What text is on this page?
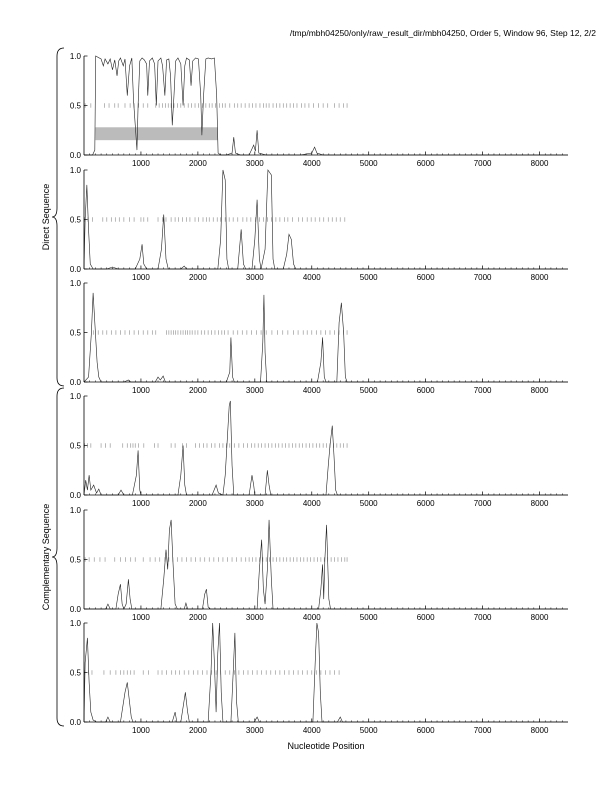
/tmp/mbh04250/only/raw_result_dir/mbh04250, Order 5, Window 96, Step 12, 2/2
Direct Sequence
Complementary Sequence
1000	2000	3000	4000	5000	6000	7000	8000
0.0
0.5
1.0
1000	2000	3000	4000	5000	6000	7000	8000
0.0
0.5
1.0
1000	2000	3000	4000	5000	6000	7000	8000
0.0
0.5
1.0
1000	2000	3000	4000	5000	6000	7000	8000
0.0
0.5
1.0
1000	2000	3000	4000	5000	6000	7000	8000
0.0
0.5
1.0
1000	2000	3000	4000	5000	6000	7000	8000
0.0
0.5
1.0
Nucleotide Position
